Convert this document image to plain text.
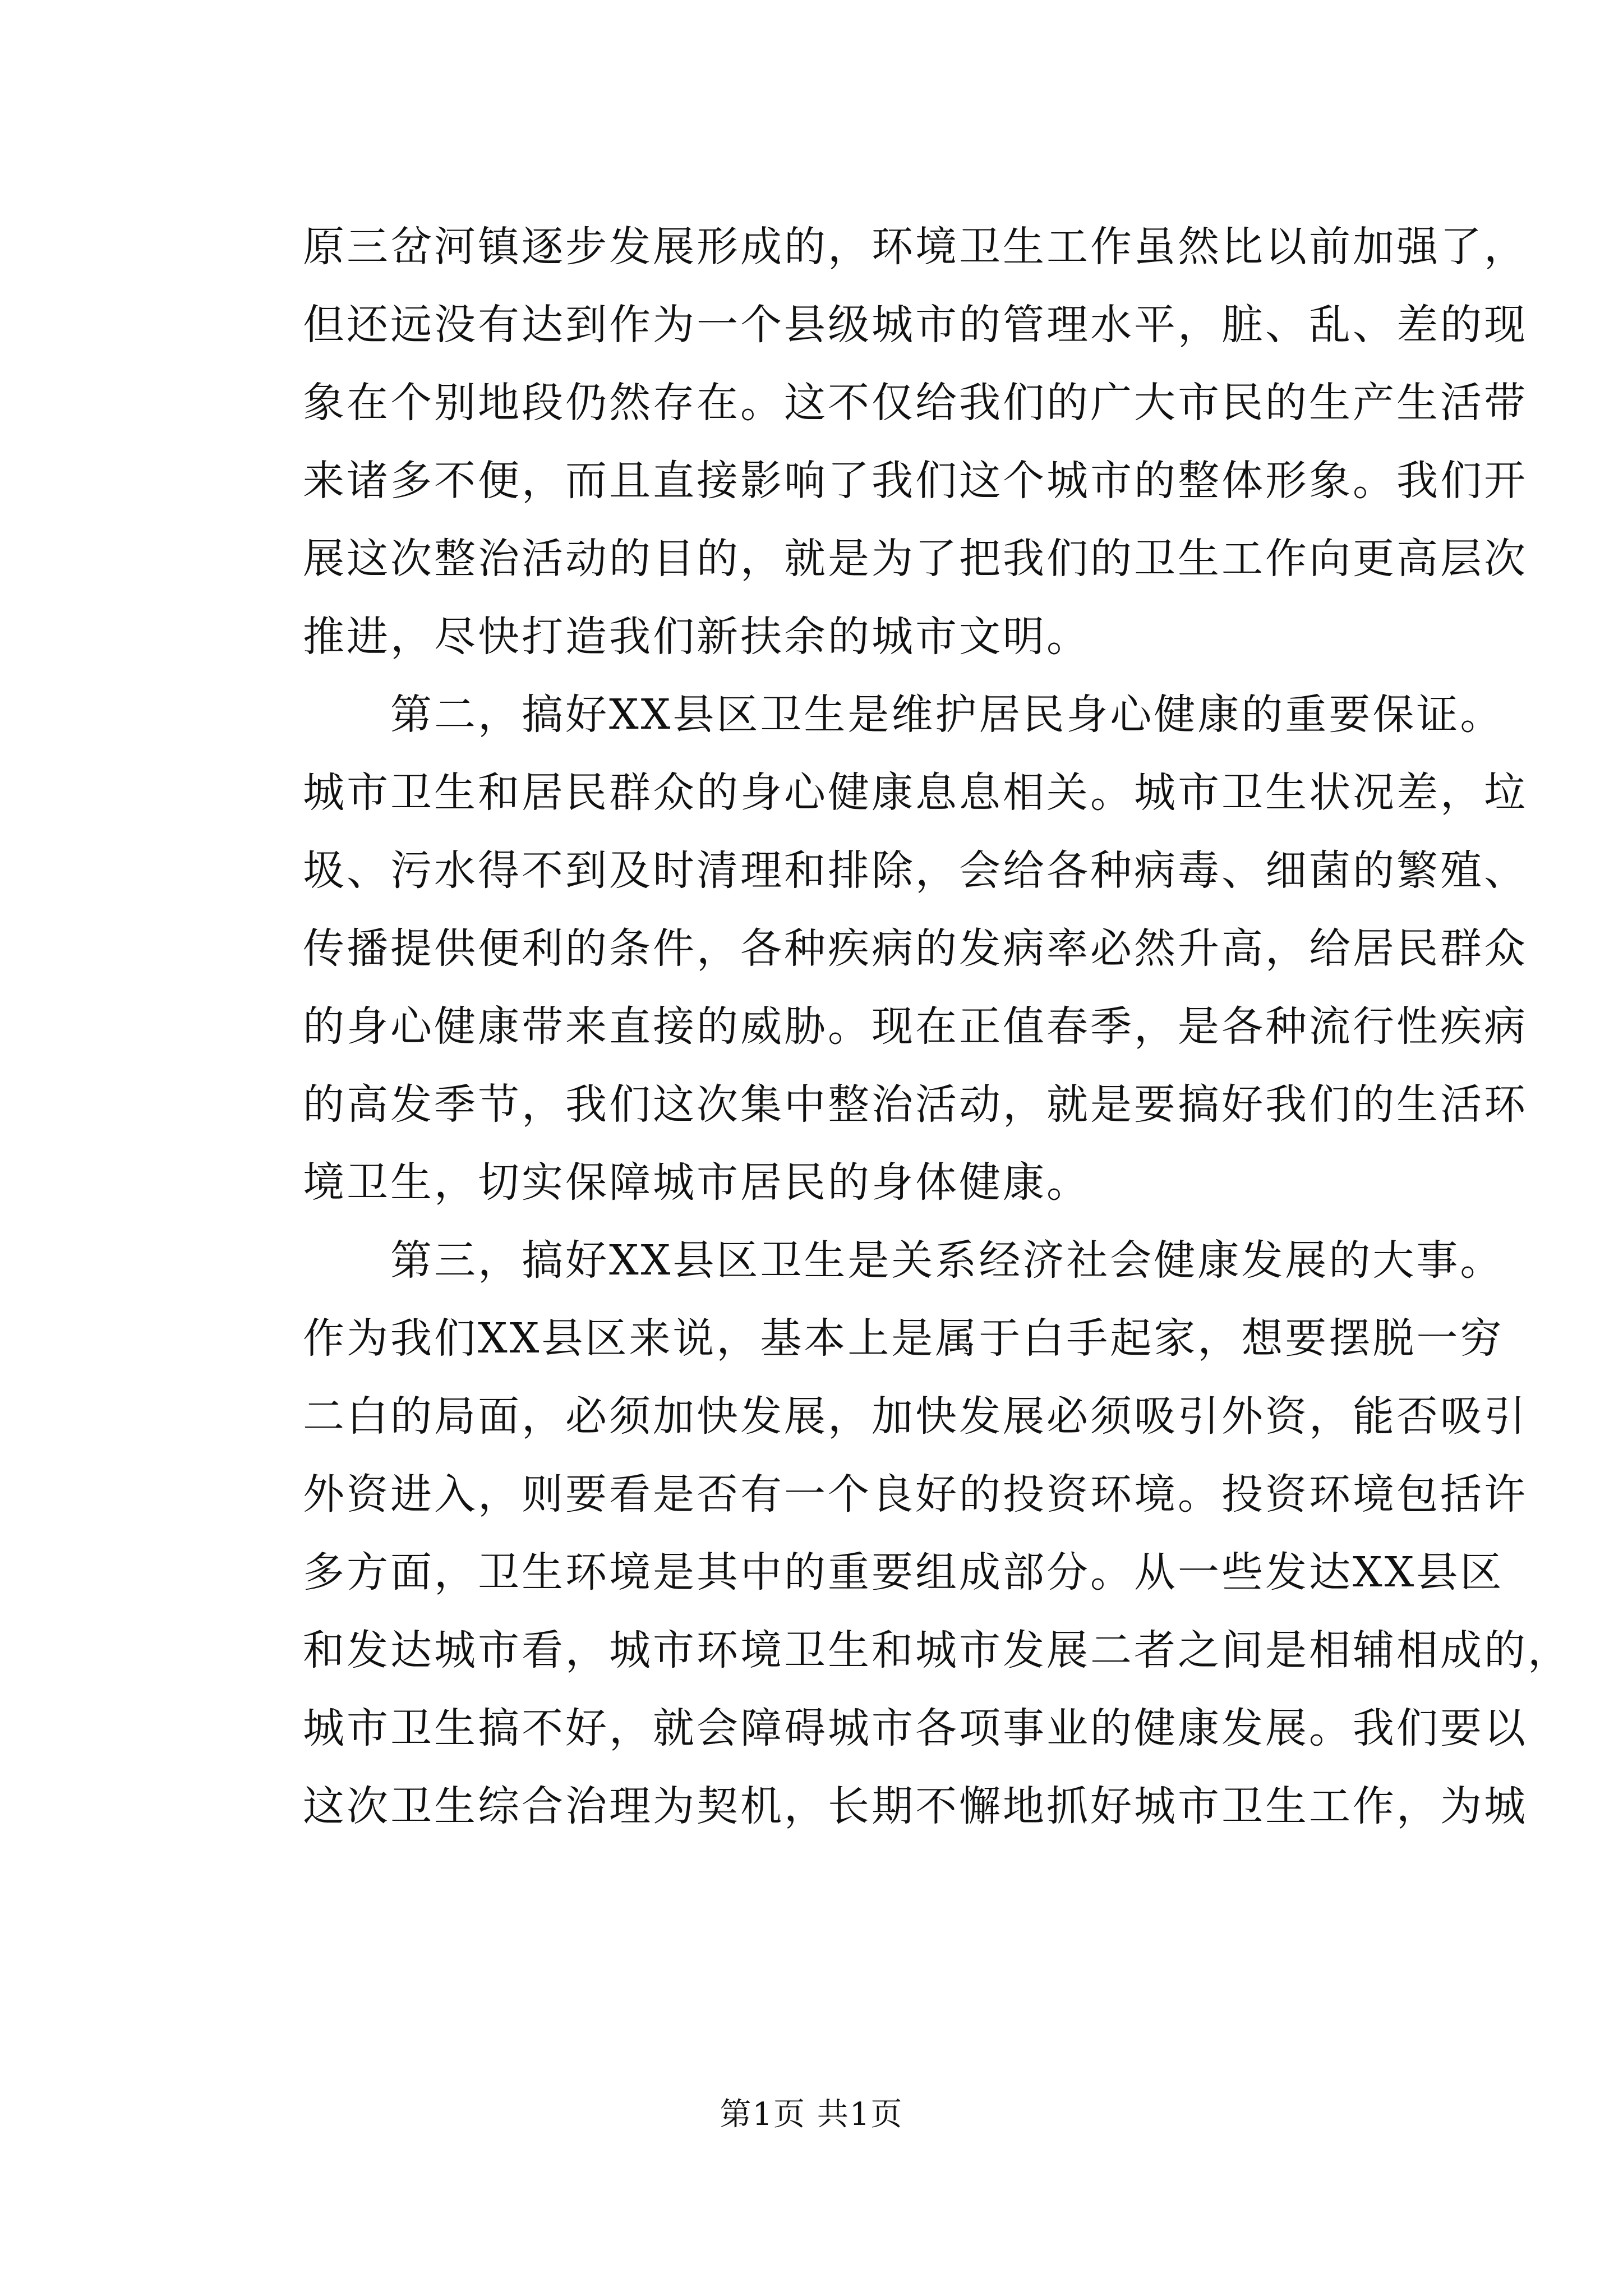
原三岔河镇逐步发展形成的，环境卫生工作虽然比以前加强了，
但还远没有达到作为一个县级城市的管理水平，脏、乱、差的现
象在个别地段仍然存在。这不仅给我们的广大市民的生产生活带
来诸多不便，而且直接影响了我们这个城市的整体形象。我们开
展这次整治活动的目的，就是为了把我们的卫生工作向更高层次
推进，尽快打造我们新扶余的城市文明。
　　第二，搞好XX县区卫生是维护居民身心健康的重要保证。
城市卫生和居民群众的身心健康息息相关。城市卫生状况差，垃
圾、污水得不到及时清理和排除，会给各种病毒、细菌的繁殖、
传播提供便利的条件，各种疾病的发病率必然升高，给居民群众
的身心健康带来直接的威胁。现在正值春季，是各种流行性疾病
的高发季节，我们这次集中整治活动，就是要搞好我们的生活环
境卫生，切实保障城市居民的身体健康。
　　第三，搞好XX县区卫生是关系经济社会健康发展的大事。
作为我们XX县区来说，基本上是属于白手起家，想要摆脱一穷
二白的局面，必须加快发展，加快发展必须吸引外资，能否吸引
外资进入，则要看是否有一个良好的投资环境。投资环境包括许
多方面，卫生环境是其中的重要组成部分。从一些发达XX县区
和发达城市看，城市环境卫生和城市发展二者之间是相辅相成的，
城市卫生搞不好，就会障碍城市各项事业的健康发展。我们要以
这次卫生综合治理为契机，长期不懈地抓好城市卫生工作，为城
第1页 共1页
